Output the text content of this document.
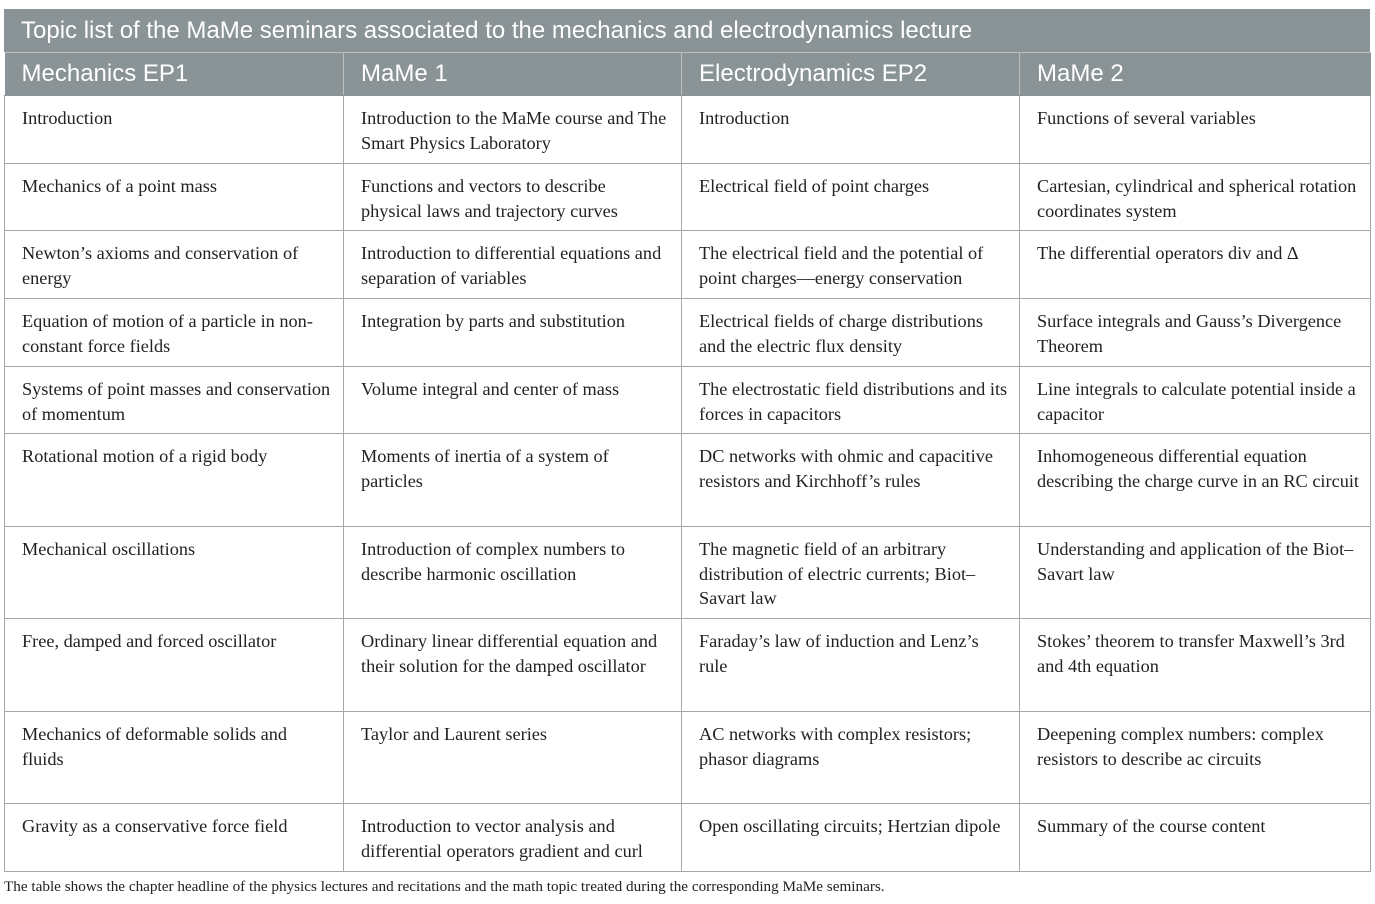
Topic list of the MaMe seminars associated to the mechanics and electrodynamics lecture
Mechanics EP1	MaMe 1	Electrodynamics EP2	MaMe 2
Introduction	Introduction to the MaMe course and The Smart Physics Laboratory	Introduction	Functions of several variables
Mechanics of a point mass	Functions and vectors to describe physical laws and trajectory curves	Electrical field of point charges	Cartesian, cylindrical and spherical rotation coordinates system
Newton’s axioms and conservation of energy	Introduction to differential equations and separation of variables	The electrical field and the potential of point charges—energy conservation	The differential operators div and Δ
Equation of motion of a particle in non-constant force fields	Integration by parts and substitution	Electrical fields of charge distributions and the electric flux density	Surface integrals and Gauss’s Divergence Theorem
Systems of point masses and conservation of momentum	Volume integral and center of mass	The electrostatic field distributions and its forces in capacitors	Line integrals to calculate potential inside a capacitor
Rotational motion of a rigid body	Moments of inertia of a system of particles	DC networks with ohmic and capacitive resistors and Kirchhoff’s rules	Inhomogeneous differential equation describing the charge curve in an RC circuit
Mechanical oscillations	Introduction of complex numbers to describe harmonic oscillation	The magnetic field of an arbitrary distribution of electric currents; Biot–Savart law	Understanding and application of the Biot–Savart law
Free, damped and forced oscillator	Ordinary linear differential equation and their solution for the damped oscillator	Faraday’s law of induction and Lenz’s rule	Stokes’ theorem to transfer Maxwell’s 3rd and 4th equation
Mechanics of deformable solids and fluids	Taylor and Laurent series	AC networks with complex resistors; phasor diagrams	Deepening complex numbers: complex resistors to describe ac circuits
Gravity as a conservative force field	Introduction to vector analysis and differential operators gradient and curl	Open oscillating circuits; Hertzian dipole	Summary of the course content
The table shows the chapter headline of the physics lectures and recitations and the math topic treated during the corresponding MaMe seminars.
